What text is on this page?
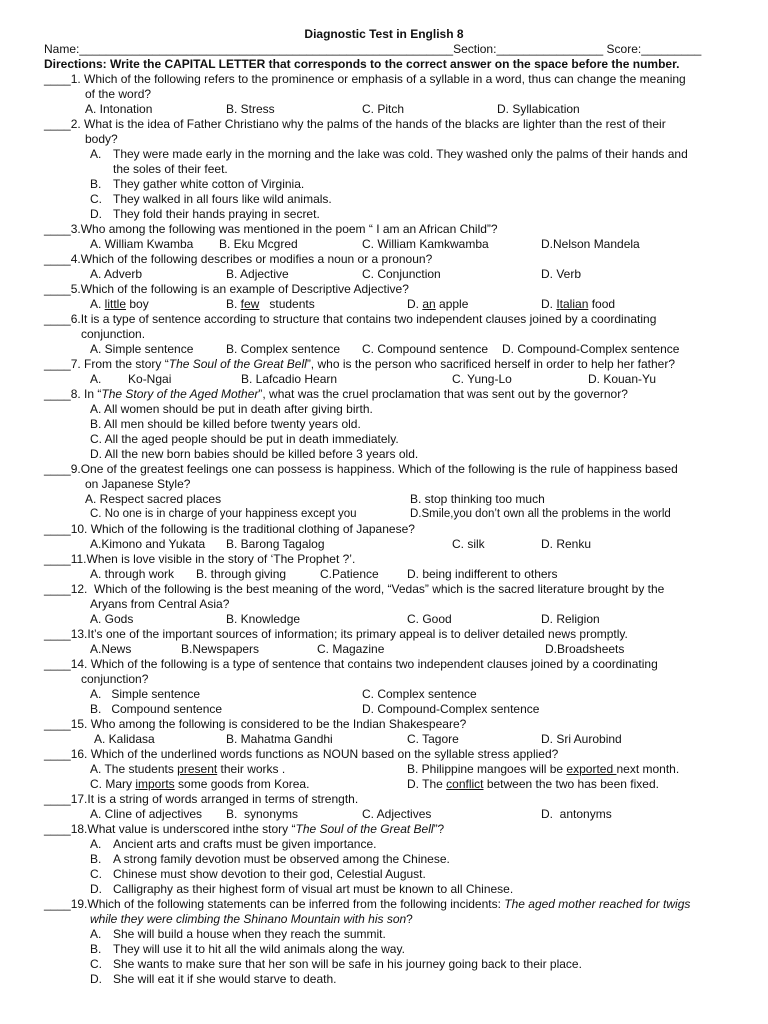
Diagnostic Test in English 8
Name:________________________________________________________Section:________________ Score:_________
Directions: Write the CAPITAL LETTER that corresponds to the correct answer on the space before the number.
____1. Which of the following refers to the prominence or emphasis of a syllable in a word, thus can change the meaning
of the word?
A. Intonation	B. Stress	C. Pitch	D. Syllabication
____2. What is the idea of Father Christiano why the palms of the hands of the blacks are lighter than the rest of their
body?
A. They were made early in the morning and the lake was cold. They washed only the palms of their hands and
the soles of their feet.
B. They gather white cotton of Virginia.
C. They walked in all fours like wild animals.
D. They fold their hands praying in secret.
____3.Who among the following was mentioned in the poem “ I am an African Child”?
A. William Kwamba B. Eku Mcgred	C. William Kamkwamba	D.Nelson Mandela
____4.Which of the following describes or modifies a noun or a pronoun?
A. Adverb	B. Adjective	C. Conjunction	D. Verb
____5.Which of the following is an example of Descriptive Adjective?
A. little boy	B. few   students	D. an apple	D. Italian food
____6.It is a type of sentence according to structure that contains two independent clauses joined by a coordinating
conjunction.
A. Simple sentence	B. Complex sentence C. Compound sentence D. Compound-Complex sentence
____7. From the story “The Soul of the Great Bell”, who is the person who sacrificed herself in order to help her father?
A.        Ko-Ngai	B. Lafcadio Hearn	C. Yung-Lo	D. Kouan-Yu
____8. In “The Story of the Aged Mother”, what was the cruel proclamation that was sent out by the governor?
A. All women should be put in death after giving birth.
B. All men should be killed before twenty years old.
C. All the aged people should be put in death immediately.
D. All the new born babies should be killed before 3 years old.
____9.One of the greatest feelings one can possess is happiness. Which of the following is the rule of happiness based
on Japanese Style?
A. Respect sacred places	B. stop thinking too much
C. No one is in charge of your happiness except you	D.Smile,you don’t own all the problems in the world
____10. Which of the following is the traditional clothing of Japanese?
A.Kimono and Yukata B. Barong Tagalog	C. silk	D. Renku
____11.When is love visible in the story of ‘The Prophet ?’.
A. through work B. through giving	C.Patience D. being indifferent to others
____12.  Which of the following is the best meaning of the word, “Vedas” which is the sacred literature brought by the
Aryans from Central Asia?
A. Gods	B. Knowledge	C. Good	D. Religion
____13.It’s one of the important sources of information; its primary appeal is to deliver detailed news promptly.
A.News	B.Newspapers	C. Magazine	D.Broadsheets
____14. Which of the following is a type of sentence that contains two independent clauses joined by a coordinating
conjunction?
A.   Simple sentence	C. Complex sentence
B.   Compound sentence	D. Compound-Complex sentence
____15. Who among the following is considered to be the Indian Shakespeare?
A. Kalidasa	B. Mahatma Gandhi	C. Tagore	D. Sri Aurobind
____16. Which of the underlined words functions as NOUN based on the syllable stress applied?
A. The students present their works .	B. Philippine mangoes will be exported next month.
C. Mary imports some goods from Korea.	D. The conflict between the two has been fixed.
____17.It is a string of words arranged in terms of strength.
A. Cline of adjectives B.  synonyms	C. Adjectives	D.  antonyms
____18.What value is underscored inthe story “The Soul of the Great Bell”?
A. Ancient arts and crafts must be given importance.
B. A strong family devotion must be observed among the Chinese.
C. Chinese must show devotion to their god, Celestial August.
D. Calligraphy as their highest form of visual art must be known to all Chinese.
____19.Which of the following statements can be inferred from the following incidents: The aged mother reached for twigs
while they were climbing the Shinano Mountain with his son?
A. She will build a house when they reach the summit.
B. They will use it to hit all the wild animals along the way.
C. She wants to make sure that her son will be safe in his journey going back to their place.
D. She will eat it if she would starve to death.
